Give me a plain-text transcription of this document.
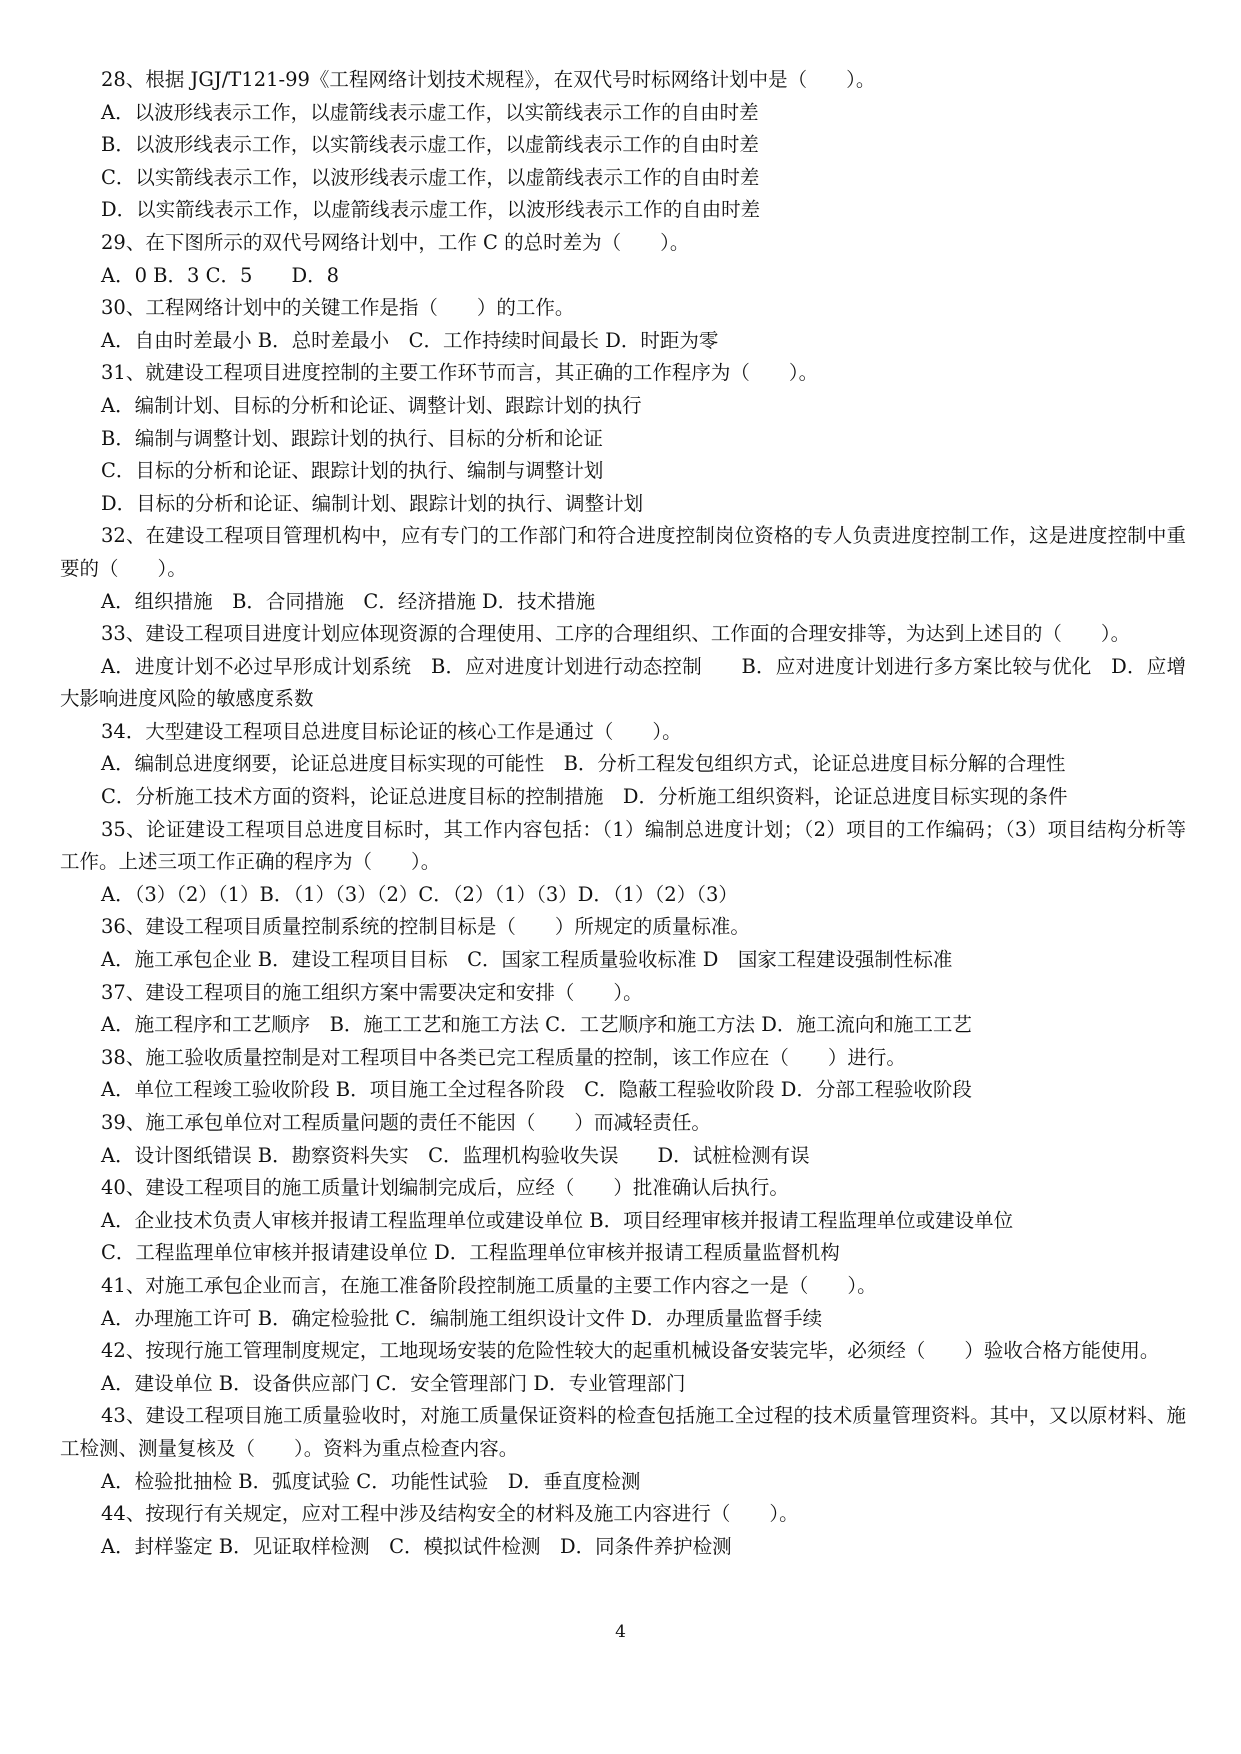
28、根据 JGJ/T121-99《工程网络计划技术规程》，在双代号时标网络计划中是（　　）。

A．以波形线表示工作，以虚箭线表示虚工作，以实箭线表示工作的自由时差

B．以波形线表示工作，以实箭线表示虚工作，以虚箭线表示工作的自由时差

C．以实箭线表示工作，以波形线表示虚工作，以虚箭线表示工作的自由时差

D．以实箭线表示工作，以虚箭线表示虚工作，以波形线表示工作的自由时差

29、在下图所示的双代号网络计划中，工作 C 的总时差为（　　）。

A．0 B．3 C．5　　D．8

30、工程网络计划中的关键工作是指（　　）的工作。

A．自由时差最小 B．总时差最小　C．工作持续时间最长 D．时距为零

31、就建设工程项目进度控制的主要工作环节而言，其正确的工作程序为（　　）。

A．编制计划、目标的分析和论证、调整计划、跟踪计划的执行

B．编制与调整计划、跟踪计划的执行、目标的分析和论证

C．目标的分析和论证、跟踪计划的执行、编制与调整计划

D．目标的分析和论证、编制计划、跟踪计划的执行、调整计划

32、在建设工程项目管理机构中，应有专门的工作部门和符合进度控制岗位资格的专人负责进度控制工作，这是进度控制中重要的（　　）。

A．组织措施　B．合同措施　C．经济措施 D．技术措施

33、建设工程项目进度计划应体现资源的合理使用、工序的合理组织、工作面的合理安排等，为达到上述目的（　　）。

A．进度计划不必过早形成计划系统　B．应对进度计划进行动态控制　　B．应对进度计划进行多方案比较与优化　D．应增大影响进度风险的敏感度系数

34．大型建设工程项目总进度目标论证的核心工作是通过（　　）。

A．编制总进度纲要，论证总进度目标实现的可能性　B．分析工程发包组织方式，论证总进度目标分解的合理性

C．分析施工技术方面的资料，论证总进度目标的控制措施　D．分析施工组织资料，论证总进度目标实现的条件

35、论证建设工程项目总进度目标时，其工作内容包括：（1）编制总进度计划；（2）项目的工作编码；（3）项目结构分析等工作。上述三项工作正确的程序为（　　）。

A．（3）（2）（1）B．（1）（3）（2）C．（2）（1）（3）D．（1）（2）（3）

36、建设工程项目质量控制系统的控制目标是（　　）所规定的质量标准。

A．施工承包企业 B．建设工程项目目标　C．国家工程质量验收标准 D　国家工程建设强制性标准

37、建设工程项目的施工组织方案中需要决定和安排（　　）。

A．施工程序和工艺顺序　B．施工工艺和施工方法 C．工艺顺序和施工方法 D．施工流向和施工工艺

38、施工验收质量控制是对工程项目中各类已完工程质量的控制，该工作应在（　　）进行。

A．单位工程竣工验收阶段 B．项目施工全过程各阶段　C．隐蔽工程验收阶段 D．分部工程验收阶段

39、施工承包单位对工程质量问题的责任不能因（　　）而减轻责任。

A．设计图纸错误 B．勘察资料失实　C．监理机构验收失误　　D．试桩检测有误

40、建设工程项目的施工质量计划编制完成后，应经（　　）批准确认后执行。

A．企业技术负责人审核并报请工程监理单位或建设单位 B．项目经理审核并报请工程监理单位或建设单位

C．工程监理单位审核并报请建设单位 D．工程监理单位审核并报请工程质量监督机构

41、对施工承包企业而言，在施工准备阶段控制施工质量的主要工作内容之一是（　　）。

A．办理施工许可 B．确定检验批 C．编制施工组织设计文件 D．办理质量监督手续

42、按现行施工管理制度规定，工地现场安装的危险性较大的起重机械设备安装完毕，必须经（　　）验收合格方能使用。

A．建设单位 B．设备供应部门 C．安全管理部门 D．专业管理部门

43、建设工程项目施工质量验收时，对施工质量保证资料的检查包括施工全过程的技术质量管理资料。其中，又以原材料、施工检测、测量复核及（　　）。资料为重点检查内容。

A．检验批抽检 B．弧度试验 C．功能性试验　D．垂直度检测

44、按现行有关规定，应对工程中涉及结构安全的材料及施工内容进行（　　）。

A．封样鉴定 B．见证取样检测　C．模拟试件检测　D．同条件养护检测

4
